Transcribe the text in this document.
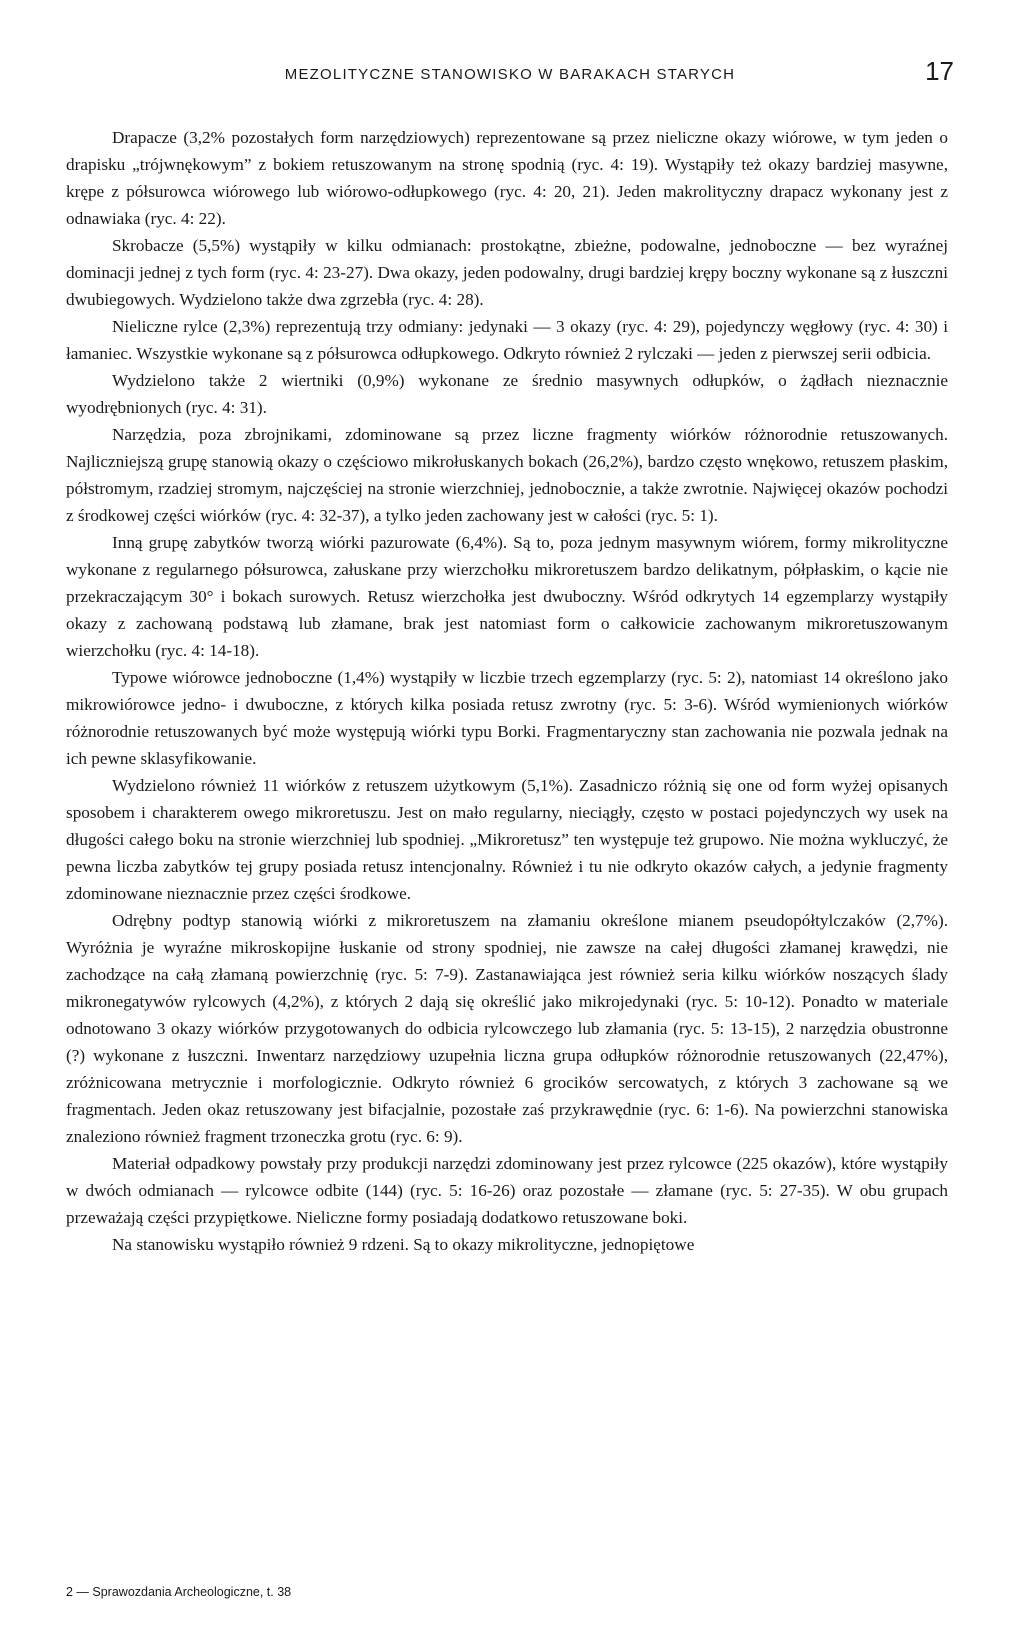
MEZOLITYCZNE STANOWISKO W BARAKACH STARYCH	17

Drapacze (3,2% pozostałych form narzędziowych) reprezentowane są przez nieliczne okazy wiórowe, w tym jeden o drapisku „trójwnękowym” z bokiem retuszowanym na stronę spodnią (ryc. 4: 19). Wystąpiły też okazy bardziej masywne, krępe z półsurowca wiórowego lub wiórowo-odłupkowego (ryc. 4: 20, 21). Jeden makrolityczny drapacz wykonany jest z odnawiaka (ryc. 4: 22).

Skrobacze (5,5%) wystąpiły w kilku odmianach: prostokątne, zbieżne, podowalne, jednoboczne — bez wyraźnej dominacji jednej z tych form (ryc. 4: 23-27). Dwa okazy, jeden podowalny, drugi bardziej krępy boczny wykonane są z łuszczni dwubiegowych. Wydzielono także dwa zgrzebła (ryc. 4: 28).

Nieliczne rylce (2,3%) reprezentują trzy odmiany: jedynaki — 3 okazy (ryc. 4: 29), pojedynczy węgłowy (ryc. 4: 30) i łamaniec. Wszystkie wykonane są z półsurowca odłupkowego. Odkryto również 2 rylczaki — jeden z pierwszej serii odbicia.

Wydzielono także 2 wiertniki (0,9%) wykonane ze średnio masywnych odłupków, o żądłach nieznacznie wyodrębnionych (ryc. 4: 31).

Narzędzia, poza zbrojnikami, zdominowane są przez liczne fragmenty wiórków różnorodnie retuszowanych. Najliczniejszą grupę stanowią okazy o częściowo mikrołuskanych bokach (26,2%), bardzo często wnękowo, retuszem płaskim, półstromym, rzadziej stromym, najczęściej na stronie wierzchniej, jednobocznie, a także zwrotnie. Najwięcej okazów pochodzi z środkowej części wiórków (ryc. 4: 32-37), a tylko jeden zachowany jest w całości (ryc. 5: 1).

Inną grupę zabytków tworzą wiórki pazurowate (6,4%). Są to, poza jednym masywnym wiórem, formy mikrolityczne wykonane z regularnego półsurowca, załuskane przy wierzchołku mikroretuszem bardzo delikatnym, półpłaskim, o kącie nie przekraczającym 30° i bokach surowych. Retusz wierzchołka jest dwuboczny. Wśród odkrytych 14 egzemplarzy wystąpiły okazy z zachowaną podstawą lub złamane, brak jest natomiast form o całkowicie zachowanym mikroretuszowanym wierzchołku (ryc. 4: 14-18).

Typowe wiórowce jednoboczne (1,4%) wystąpiły w liczbie trzech egzemplarzy (ryc. 5: 2), natomiast 14 określono jako mikrowiórowce jedno- i dwuboczne, z których kilka posiada retusz zwrotny (ryc. 5: 3-6). Wśród wymienionych wiórków różnorodnie retuszowanych być może występują wiórki typu Borki. Fragmentaryczny stan zachowania nie pozwala jednak na ich pewne sklasyfikowanie.

Wydzielono również 11 wiórków z retuszem użytkowym (5,1%). Zasadniczo różnią się one od form wyżej opisanych sposobem i charakterem owego mikroretuszu. Jest on mało regularny, nieciągły, często w postaci pojedynczych wy usek na długości całego boku na stronie wierzchniej lub spodniej. „Mikroretusz” ten występuje też grupowo. Nie można wykluczyć, że pewna liczba zabytków tej grupy posiada retusz intencjonalny. Również i tu nie odkryto okazów całych, a jedynie fragmenty zdominowane nieznacznie przez części środkowe.

Odrębny podtyp stanowią wiórki z mikroretuszem na złamaniu określone mianem pseudopółtylczaków (2,7%). Wyróżnia je wyraźne mikroskopijne łuskanie od strony spodniej, nie zawsze na całej długości złamanej krawędzi, nie zachodzące na całą złamaną powierzchnię (ryc. 5: 7-9). Zastanawiająca jest również seria kilku wiórków noszących ślady mikronegatywów rylcowych (4,2%), z których 2 dają się określić jako mikrojedynaki (ryc. 5: 10-12). Ponadto w materiale odnotowano 3 okazy wiórków przygotowanych do odbicia rylcowczego lub złamania (ryc. 5: 13-15), 2 narzędzia obustronne (?) wykonane z łuszczni. Inwentarz narzędziowy uzupełnia liczna grupa odłupków różnorodnie retuszowanych (22,47%), zróżnicowana metrycznie i morfologicznie. Odkryto również 6 grocików sercowatych, z których 3 zachowane są we fragmentach. Jeden okaz retuszowany jest bifacjalnie, pozostałe zaś przykrawędnie (ryc. 6: 1-6). Na powierzchni stanowiska znaleziono również fragment trzoneczka grotu (ryc. 6: 9).

Materiał odpadkowy powstały przy produkcji narzędzi zdominowany jest przez rylcowce (225 okazów), które wystąpiły w dwóch odmianach — rylcowce odbite (144) (ryc. 5: 16-26) oraz pozostałe — złamane (ryc. 5: 27-35). W obu grupach przeważają części przypiętkowe. Nieliczne formy posiadają dodatkowo retuszowane boki.

Na stanowisku wystąpiło również 9 rdzeni. Są to okazy mikrolityczne, jednopiętowe

2 — Sprawozdania Archeologiczne, t. 38
